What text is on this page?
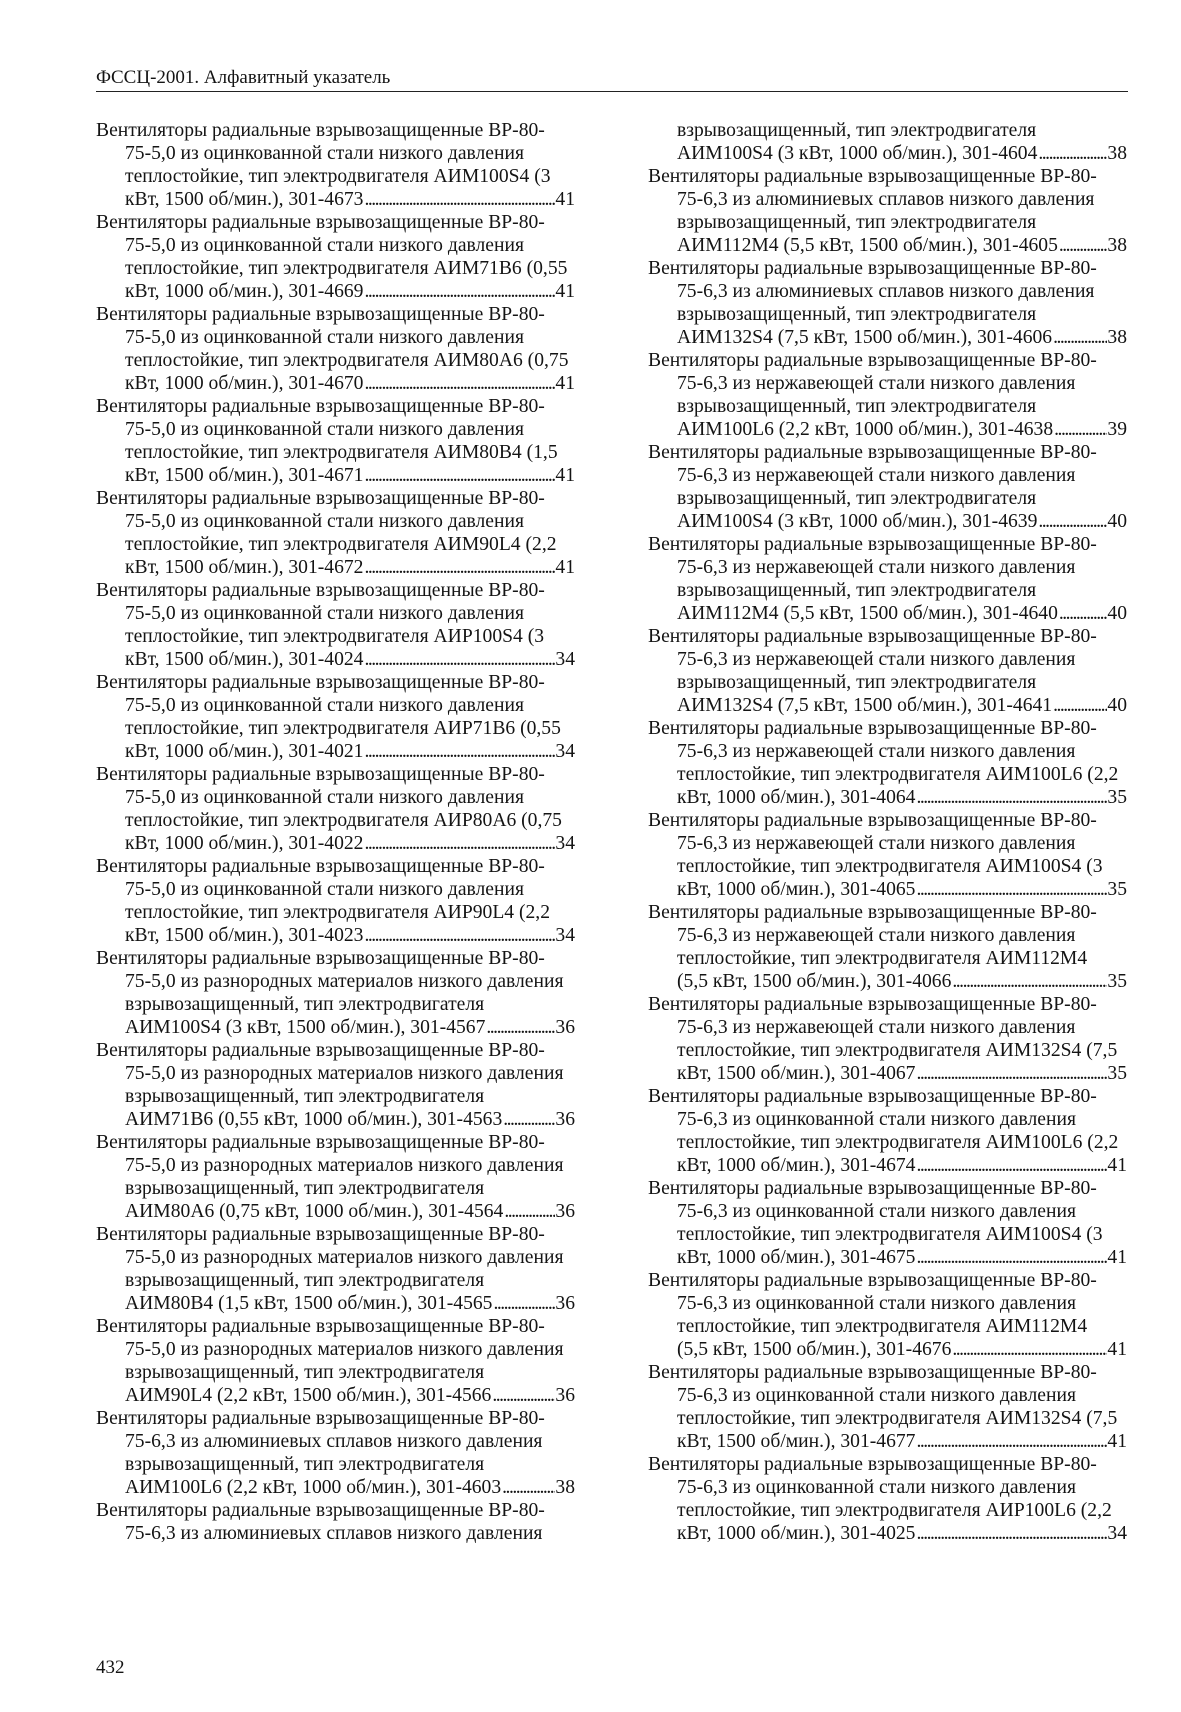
ФССЦ-2001. Алфавитный указатель
Вентиляторы радиальные взрывозащищенные ВР-80-
75-5,0 из оцинкованной стали низкого давления
теплостойкие, тип электродвигателя АИМ100S4 (3
кВт, 1500 об/мин.), 301-4673 . . .	41
Вентиляторы радиальные взрывозащищенные ВР-80-
75-5,0 из оцинкованной стали низкого давления
теплостойкие, тип электродвигателя АИМ71В6 (0,55
кВт, 1000 об/мин.), 301-4669 . . .	41
Вентиляторы радиальные взрывозащищенные ВР-80-
75-5,0 из оцинкованной стали низкого давления
теплостойкие, тип электродвигателя АИМ80А6 (0,75
кВт, 1000 об/мин.), 301-4670 . . .	41
Вентиляторы радиальные взрывозащищенные ВР-80-
75-5,0 из оцинкованной стали низкого давления
теплостойкие, тип электродвигателя АИМ80В4 (1,5
кВт, 1500 об/мин.), 301-4671 . . .	41
Вентиляторы радиальные взрывозащищенные ВР-80-
75-5,0 из оцинкованной стали низкого давления
теплостойкие, тип электродвигателя АИМ90L4 (2,2
кВт, 1500 об/мин.), 301-4672 . . .	41
Вентиляторы радиальные взрывозащищенные ВР-80-
75-5,0 из оцинкованной стали низкого давления
теплостойкие, тип электродвигателя АИР100S4 (3
кВт, 1500 об/мин.), 301-4024 . . .	34
Вентиляторы радиальные взрывозащищенные ВР-80-
75-5,0 из оцинкованной стали низкого давления
теплостойкие, тип электродвигателя АИР71В6 (0,55
кВт, 1000 об/мин.), 301-4021 . . .	34
Вентиляторы радиальные взрывозащищенные ВР-80-
75-5,0 из оцинкованной стали низкого давления
теплостойкие, тип электродвигателя АИР80А6 (0,75
кВт, 1000 об/мин.), 301-4022 . . .	34
Вентиляторы радиальные взрывозащищенные ВР-80-
75-5,0 из оцинкованной стали низкого давления
теплостойкие, тип электродвигателя АИР90L4 (2,2
кВт, 1500 об/мин.), 301-4023 . . .	34
Вентиляторы радиальные взрывозащищенные ВР-80-
75-5,0 из разнородных материалов низкого давления
взрывозащищенный, тип электродвигателя
АИМ100S4 (3 кВт, 1500 об/мин.), 301-4567 . . .	36
Вентиляторы радиальные взрывозащищенные ВР-80-
75-5,0 из разнородных материалов низкого давления
взрывозащищенный, тип электродвигателя
АИМ71В6 (0,55 кВт, 1000 об/мин.), 301-4563 . . .	36
Вентиляторы радиальные взрывозащищенные ВР-80-
75-5,0 из разнородных материалов низкого давления
взрывозащищенный, тип электродвигателя
АИМ80А6 (0,75 кВт, 1000 об/мин.), 301-4564 . . .	36
Вентиляторы радиальные взрывозащищенные ВР-80-
75-5,0 из разнородных материалов низкого давления
взрывозащищенный, тип электродвигателя
АИМ80В4 (1,5 кВт, 1500 об/мин.), 301-4565 . . .	36
Вентиляторы радиальные взрывозащищенные ВР-80-
75-5,0 из разнородных материалов низкого давления
взрывозащищенный, тип электродвигателя
АИМ90L4 (2,2 кВт, 1500 об/мин.), 301-4566 . . .	36
Вентиляторы радиальные взрывозащищенные ВР-80-
75-6,3 из алюминиевых сплавов низкого давления
взрывозащищенный, тип электродвигателя
АИМ100L6 (2,2 кВт, 1000 об/мин.), 301-4603 . . .	38
Вентиляторы радиальные взрывозащищенные ВР-80-
75-6,3 из алюминиевых сплавов низкого давления
взрывозащищенный, тип электродвигателя
АИМ100S4 (3 кВт, 1000 об/мин.), 301-4604 . . .	38
Вентиляторы радиальные взрывозащищенные ВР-80-
75-6,3 из алюминиевых сплавов низкого давления
взрывозащищенный, тип электродвигателя
АИМ112М4 (5,5 кВт, 1500 об/мин.), 301-4605 . . .	38
Вентиляторы радиальные взрывозащищенные ВР-80-
75-6,3 из алюминиевых сплавов низкого давления
взрывозащищенный, тип электродвигателя
АИМ132S4 (7,5 кВт, 1500 об/мин.), 301-4606 . . .	38
Вентиляторы радиальные взрывозащищенные ВР-80-
75-6,3 из нержавеющей стали низкого давления
взрывозащищенный, тип электродвигателя
АИМ100L6 (2,2 кВт, 1000 об/мин.), 301-4638 . . .	39
Вентиляторы радиальные взрывозащищенные ВР-80-
75-6,3 из нержавеющей стали низкого давления
взрывозащищенный, тип электродвигателя
АИМ100S4 (3 кВт, 1000 об/мин.), 301-4639 . . .	40
Вентиляторы радиальные взрывозащищенные ВР-80-
75-6,3 из нержавеющей стали низкого давления
взрывозащищенный, тип электродвигателя
АИМ112М4 (5,5 кВт, 1500 об/мин.), 301-4640 . . .	40
Вентиляторы радиальные взрывозащищенные ВР-80-
75-6,3 из нержавеющей стали низкого давления
взрывозащищенный, тип электродвигателя
АИМ132S4 (7,5 кВт, 1500 об/мин.), 301-4641 . . .	40
Вентиляторы радиальные взрывозащищенные ВР-80-
75-6,3 из нержавеющей стали низкого давления
теплостойкие, тип электродвигателя АИМ100L6 (2,2
кВт, 1000 об/мин.), 301-4064 . . .	35
Вентиляторы радиальные взрывозащищенные ВР-80-
75-6,3 из нержавеющей стали низкого давления
теплостойкие, тип электродвигателя АИМ100S4 (3
кВт, 1000 об/мин.), 301-4065 . . .	35
Вентиляторы радиальные взрывозащищенные ВР-80-
75-6,3 из нержавеющей стали низкого давления
теплостойкие, тип электродвигателя АИМ112М4
(5,5 кВт, 1500 об/мин.), 301-4066 . . .	35
Вентиляторы радиальные взрывозащищенные ВР-80-
75-6,3 из нержавеющей стали низкого давления
теплостойкие, тип электродвигателя АИМ132S4 (7,5
кВт, 1500 об/мин.), 301-4067 . . .	35
Вентиляторы радиальные взрывозащищенные ВР-80-
75-6,3 из оцинкованной стали низкого давления
теплостойкие, тип электродвигателя АИМ100L6 (2,2
кВт, 1000 об/мин.), 301-4674 . . .	41
Вентиляторы радиальные взрывозащищенные ВР-80-
75-6,3 из оцинкованной стали низкого давления
теплостойкие, тип электродвигателя АИМ100S4 (3
кВт, 1000 об/мин.), 301-4675 . . .	41
Вентиляторы радиальные взрывозащищенные ВР-80-
75-6,3 из оцинкованной стали низкого давления
теплостойкие, тип электродвигателя АИМ112М4
(5,5 кВт, 1500 об/мин.), 301-4676 . . .	41
Вентиляторы радиальные взрывозащищенные ВР-80-
75-6,3 из оцинкованной стали низкого давления
теплостойкие, тип электродвигателя АИМ132S4 (7,5
кВт, 1500 об/мин.), 301-4677 . . .	41
Вентиляторы радиальные взрывозащищенные ВР-80-
75-6,3 из оцинкованной стали низкого давления
теплостойкие, тип электродвигателя АИР100L6 (2,2
кВт, 1000 об/мин.), 301-4025 . . .	34
432
